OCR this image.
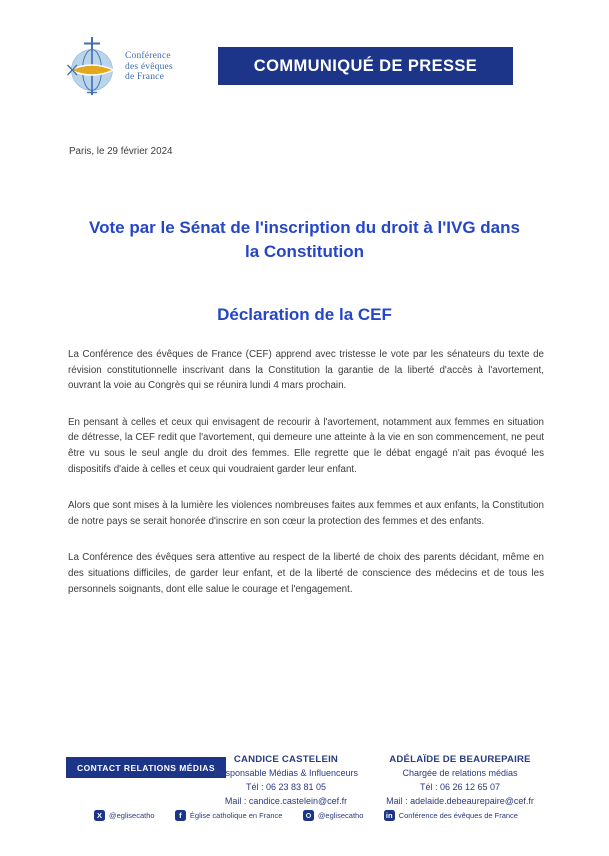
Conférence
des évêques
de France
COMMUNIQUÉ DE PRESSE
Paris, le 29 février 2024
Vote par le Sénat de l'inscription du droit à l'IVG dans
la Constitution
Déclaration de la CEF

La Conférence des évêques de France (CEF) apprend avec tristesse le vote par les sénateurs du texte de révision constitutionnelle inscrivant dans la Constitution la garantie de la liberté d'accès à l'avortement, ouvrant la voie au Congrès qui se réunira lundi 4 mars prochain.

En pensant à celles et ceux qui envisagent de recourir à l'avortement, notamment aux femmes en situation de détresse, la CEF redit que l'avortement, qui demeure une atteinte à la vie en son commencement, ne peut être vu sous le seul angle du droit des femmes. Elle regrette que le débat engagé n'ait pas évoqué les dispositifs d'aide à celles et ceux qui voudraient garder leur enfant.

Alors que sont mises à la lumière les violences nombreuses faites aux femmes et aux enfants, la Constitution de notre pays se serait honorée d'inscrire en son cœur la protection des femmes et des enfants.

La Conférence des évêques sera attentive au respect de la liberté de choix des parents décidant, même en des situations difficiles, de garder leur enfant, et de la liberté de conscience des médecins et de tous les personnels soignants, dont elle salue le courage et l'engagement.

CONTACT RELATIONS MÉDIAS
CANDICE CASTELEIN
Responsable Médias & Influenceurs
Tél : 06 23 83 81 05
Mail : candice.castelein@cef.fr
ADÉLAÏDE DE BEAUREPAIRE
Chargée de relations médias
Tél : 06 26 12 65 07
Mail : adelaide.debeaurepaire@cef.fr
X @eglisecatho	f	Église catholique en France	@eglisecatho	in Conférence des évêques de France
